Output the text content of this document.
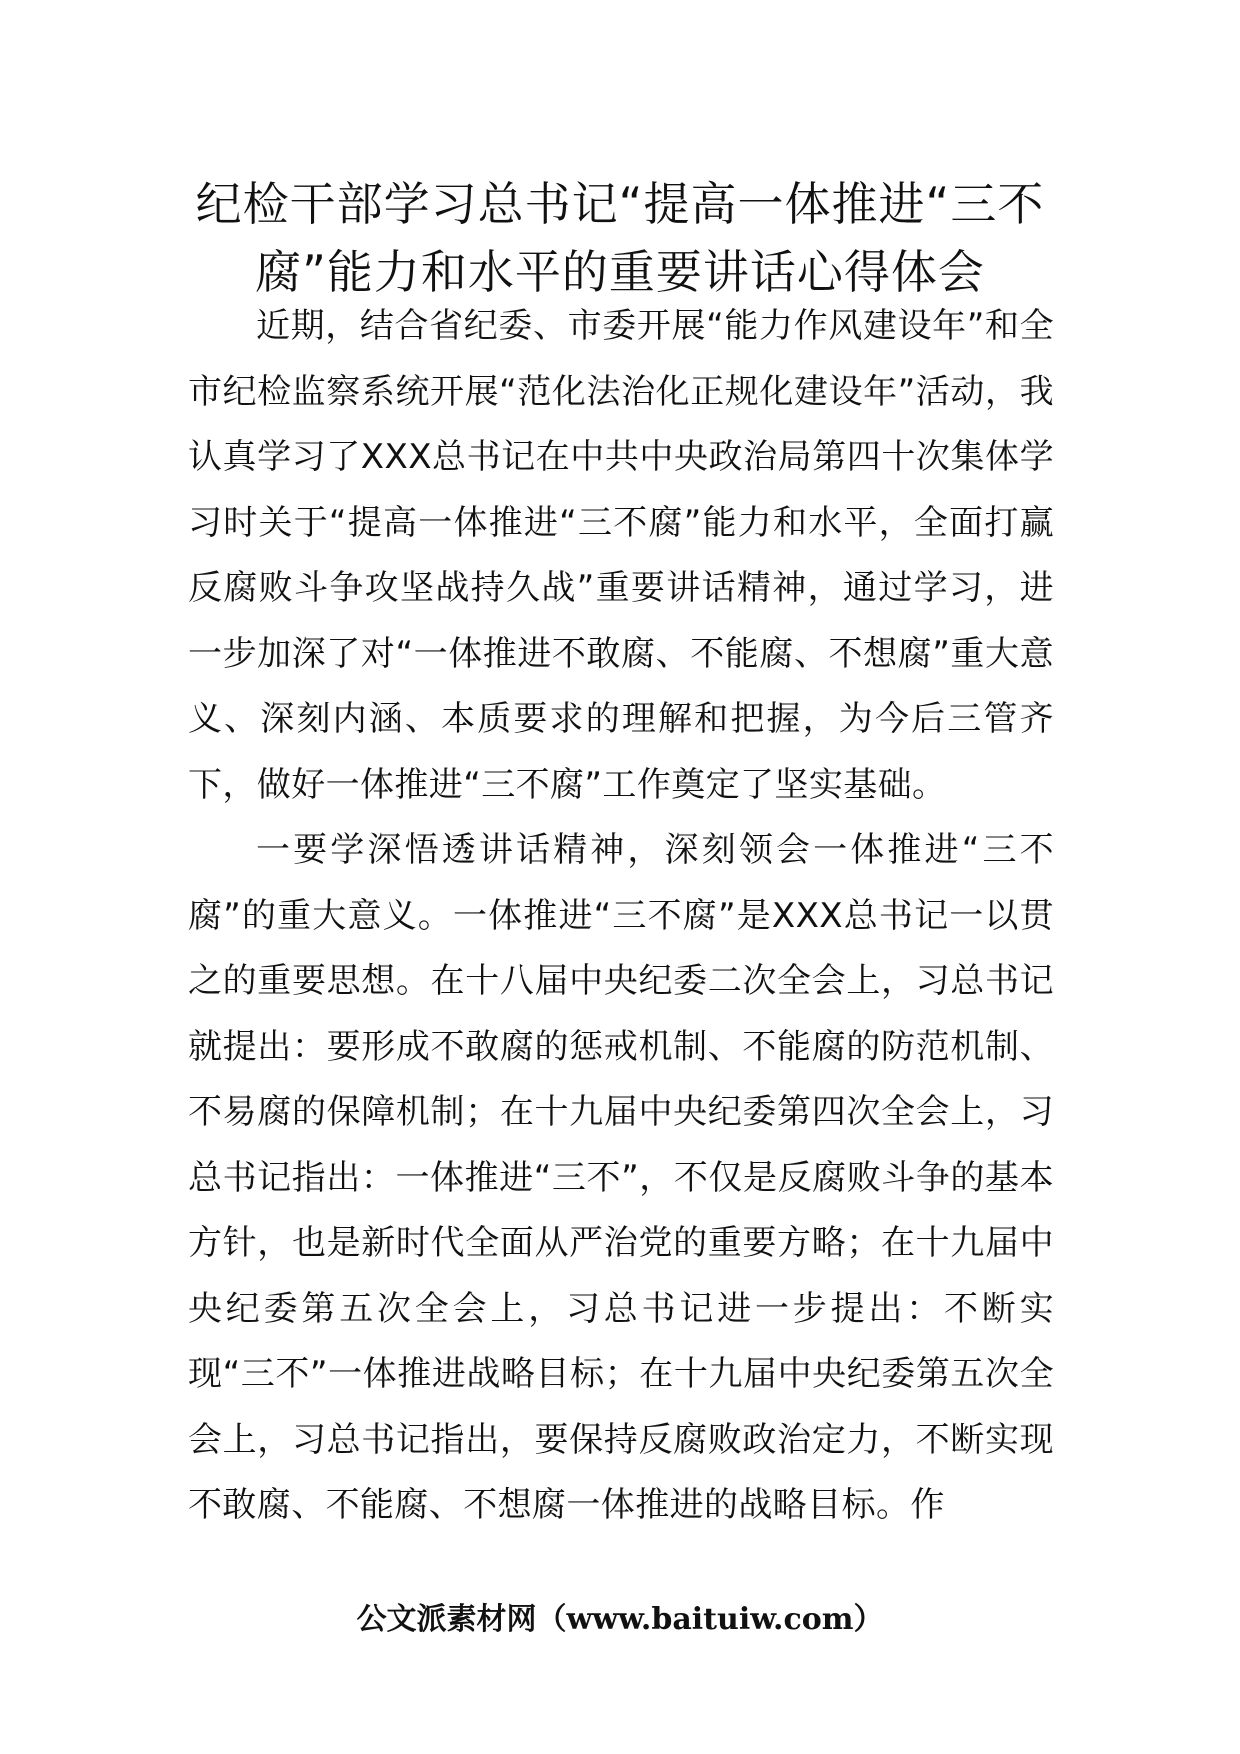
纪检干部学习总书记“提高一体推进“三不腐”能力和水平的重要讲话心得体会

近期，结合省纪委、市委开展“能力作风建设年”和全市纪检监察系统开展“范化法治化正规化建设年”活动，我认真学习了XXX总书记在中共中央政治局第四十次集体学习时关于“提高一体推进“三不腐”能力和水平，全面打赢反腐败斗争攻坚战持久战”重要讲话精神，通过学习，进一步加深了对“一体推进不敢腐、不能腐、不想腐”重大意义、深刻内涵、本质要求的理解和把握，为今后三管齐下，做好一体推进“三不腐”工作奠定了坚实基础。

一要学深悟透讲话精神，深刻领会一体推进“三不腐”的重大意义。一体推进“三不腐”是XXX总书记一以贯之的重要思想。在十八届中央纪委二次全会上，习总书记就提出：要形成不敢腐的惩戒机制、不能腐的防范机制、不易腐的保障机制；在十九届中央纪委第四次全会上，习总书记指出：一体推进“三不”，不仅是反腐败斗争的基本方针，也是新时代全面从严治党的重要方略；在十九届中央纪委第五次全会上，习总书记进一步提出：不断实现“三不”一体推进战略目标；在十九届中央纪委第五次全会上，习总书记指出，要保持反腐败政治定力，不断实现不敢腐、不能腐、不想腐一体推进的战略目标。作

公文派素材网（www.baituiw.com）
